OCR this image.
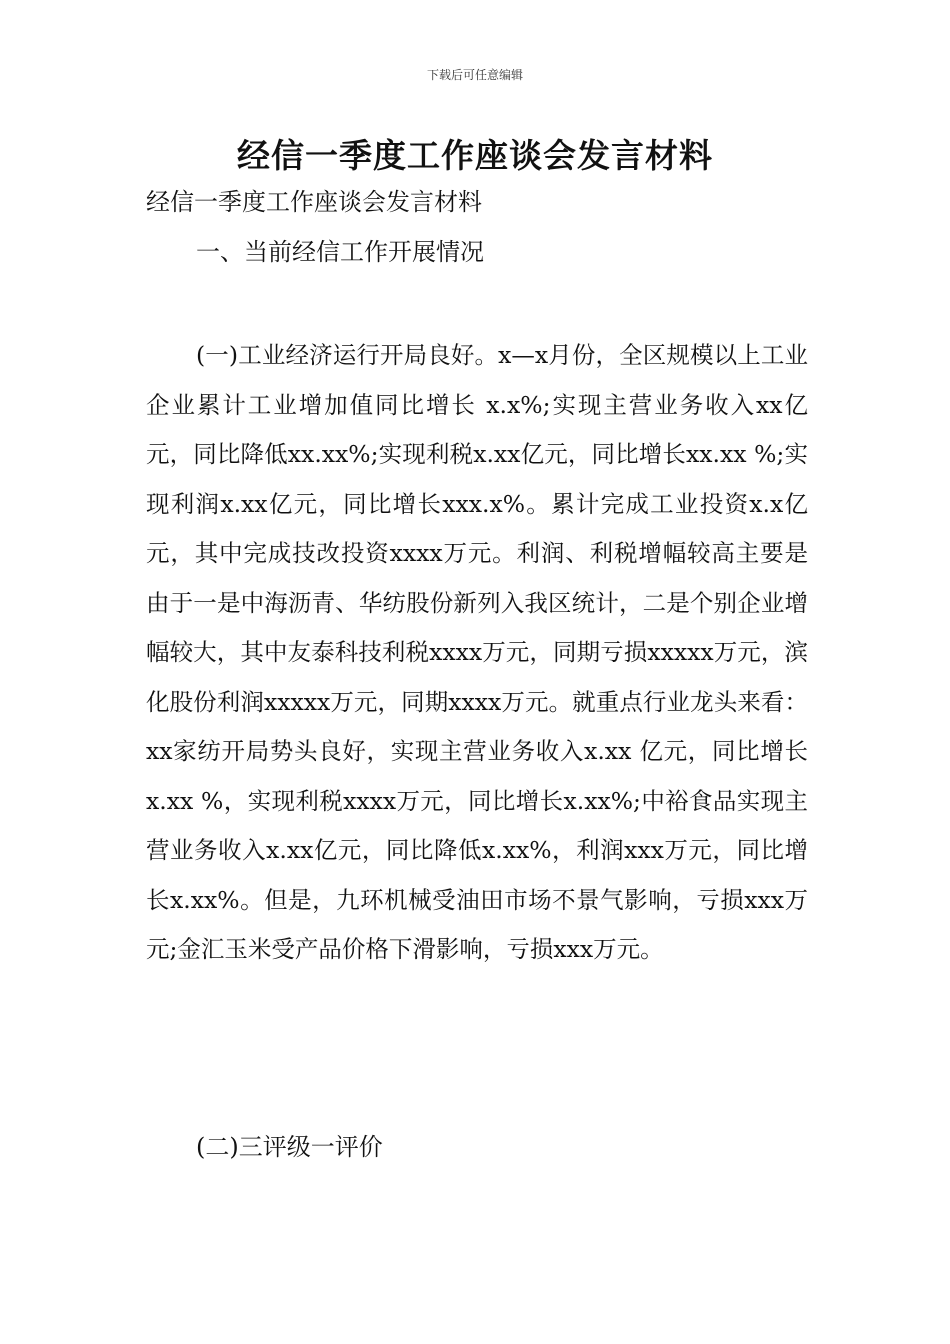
下载后可任意编辑
经信一季度工作座谈会发言材料

经信一季度工作座谈会发言材料

一、当前经信工作开展情况

(一)工业经济运行开局良好。x—x月份，全区规模以上工业企业累计工业增加值同比增长 x.x%;实现主营业务收入xx亿元，同比降低xx.xx%;实现利税x.xx亿元，同比增长xx.xx %;实现利润x.xx亿元，同比增长xxx.x%。累计完成工业投资x.x亿元，其中完成技改投资xxxx万元。利润、利税增幅较高主要是由于一是中海沥青、华纺股份新列入我区统计，二是个别企业增幅较大，其中友泰科技利税xxxx万元，同期亏损xxxxx万元，滨化股份利润xxxxx万元，同期xxxx万元。就重点行业龙头来看：xx家纺开局势头良好，实现主营业务收入x.xx 亿元，同比增长x.xx %，实现利税xxxx万元，同比增长x.xx%;中裕食品实现主营业务收入x.xx亿元，同比降低x.xx%，利润xxx万元，同比增长x.xx%。但是，九环机械受油田市场不景气影响，亏损xxx万元;金汇玉米受产品价格下滑影响，亏损xxx万元。

(二)三评级一评价
